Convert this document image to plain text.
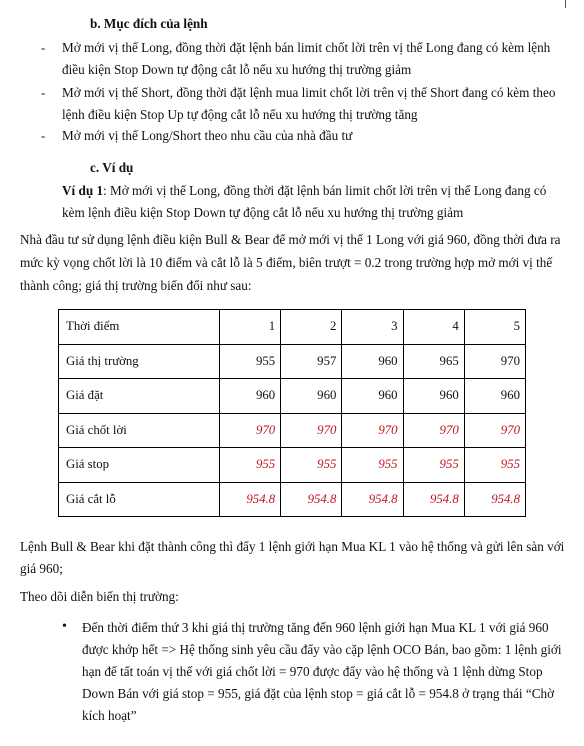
b. Mục đích của lệnh
- Mở mới vị thế Long, đồng thời đặt lệnh bán limit chốt lời trên vị thế Long đang có kèm lệnh
điều kiện Stop Down tự động cắt lỗ nếu xu hướng thị trường giảm
- Mở mới vị thế Short, đồng thời đặt lệnh mua limit chốt lời trên vị thế Short đang có kèm theo
lệnh điều kiện Stop Up tự động cắt lỗ nếu xu hướng thị trường tăng
- Mở mới vị thế Long/Short theo nhu cầu của nhà đầu tư
c. Ví dụ
Ví dụ 1: Mở mới vị thế Long, đồng thời đặt lệnh bán limit chốt lời trên vị thế Long đang có
kèm lệnh điều kiện Stop Down tự động cắt lỗ nếu xu hướng thị trường giảm
Nhà đầu tư sử dụng lệnh điều kiện Bull & Bear để mở mới vị thế 1 Long với giá 960, đồng thời đưa ra
mức kỳ vọng chốt lời là 10 điểm và cắt lỗ là 5 điểm, biên trượt = 0.2 trong trường hợp mở mới vị thế
thành công; giá thị trường biến đổi như sau:
Thời điểm	1	2	3	4	5
Giá thị trường	955	957	960	965	970
Giá đặt	960	960	960	960	960
Giá chốt lời	970	970	970	970	970
Giá stop	955	955	955	955	955
Giá cắt lỗ	954.8	954.8	954.8	954.8	954.8
Lệnh Bull & Bear khi đặt thành công thì đẩy 1 lệnh giới hạn Mua KL 1 vào hệ thống và gửi lên sàn với
giá 960;
Theo dõi diễn biến thị trường:
• Đến thời điểm thứ 3 khi giá thị trường tăng đến 960 lệnh giới hạn Mua KL 1 với giá 960
được khớp hết => Hệ thống sinh yêu cầu đẩy vào cặp lệnh OCO Bán, bao gồm: 1 lệnh giới
hạn để tất toán vị thế với giá chốt lời = 970 được đẩy vào hệ thống và 1 lệnh dừng Stop
Down Bán với giá stop = 955, giá đặt của lệnh stop = giá cắt lỗ = 954.8 ở trạng thái “Chờ
kích hoạt”
